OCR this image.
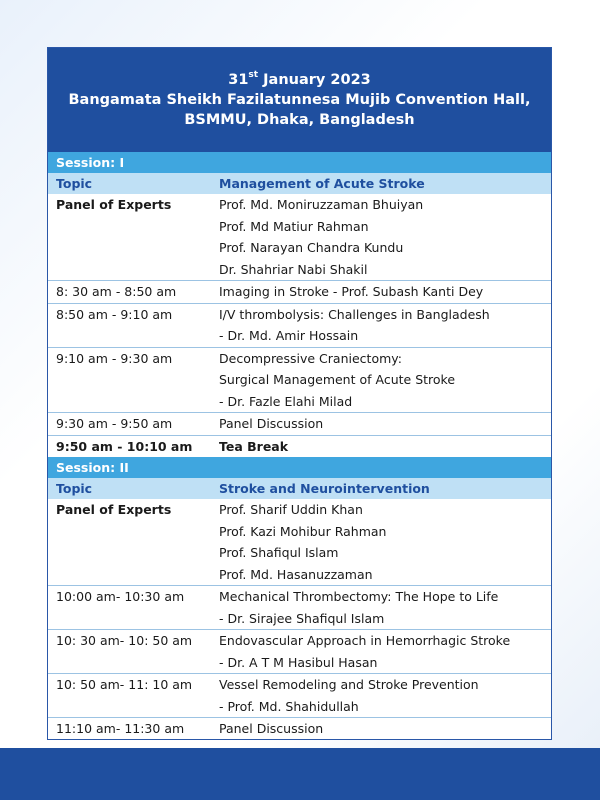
31st January 2023
Bangamata Sheikh Fazilatunnesa Mujib Convention Hall,
BSMMU, Dhaka, Bangladesh
Session: I	
Topic	Management of Acute Stroke
Panel of Experts	Prof. Md. Moniruzzaman Bhuiyan
Prof. Md Matiur Rahman
Prof. Narayan Chandra Kundu
Dr. Shahriar Nabi Shakil

8: 30 am - 8:50 am	Imaging in Stroke - Prof. Subash Kanti Dey

8:50 am - 9:10 am	I/V thrombolysis: Challenges in Bangladesh
- Dr. Md. Amir Hossain

9:10 am - 9:30 am	Decompressive Craniectomy:
Surgical Management of Acute Stroke
- Dr. Fazle Elahi Milad

9:30 am - 9:50 am	Panel Discussion

9:50 am - 10:10 am	Tea Break
Session: II	
Topic	Stroke and Neurointervention
Panel of Experts	Prof. Sharif Uddin Khan
Prof. Kazi Mohibur Rahman
Prof. Shafiqul Islam
Prof. Md. Hasanuzzaman

10:00 am- 10:30 am	Mechanical Thrombectomy: The Hope to Life
- Dr. Sirajee Shafiqul Islam

10: 30 am- 10: 50 am	Endovascular Approach in Hemorrhagic Stroke
- Dr. A T M Hasibul Hasan

10: 50 am- 11: 10 am	Vessel Remodeling and Stroke Prevention
- Prof. Md. Shahidullah

11:10 am- 11:30 am	Panel Discussion
